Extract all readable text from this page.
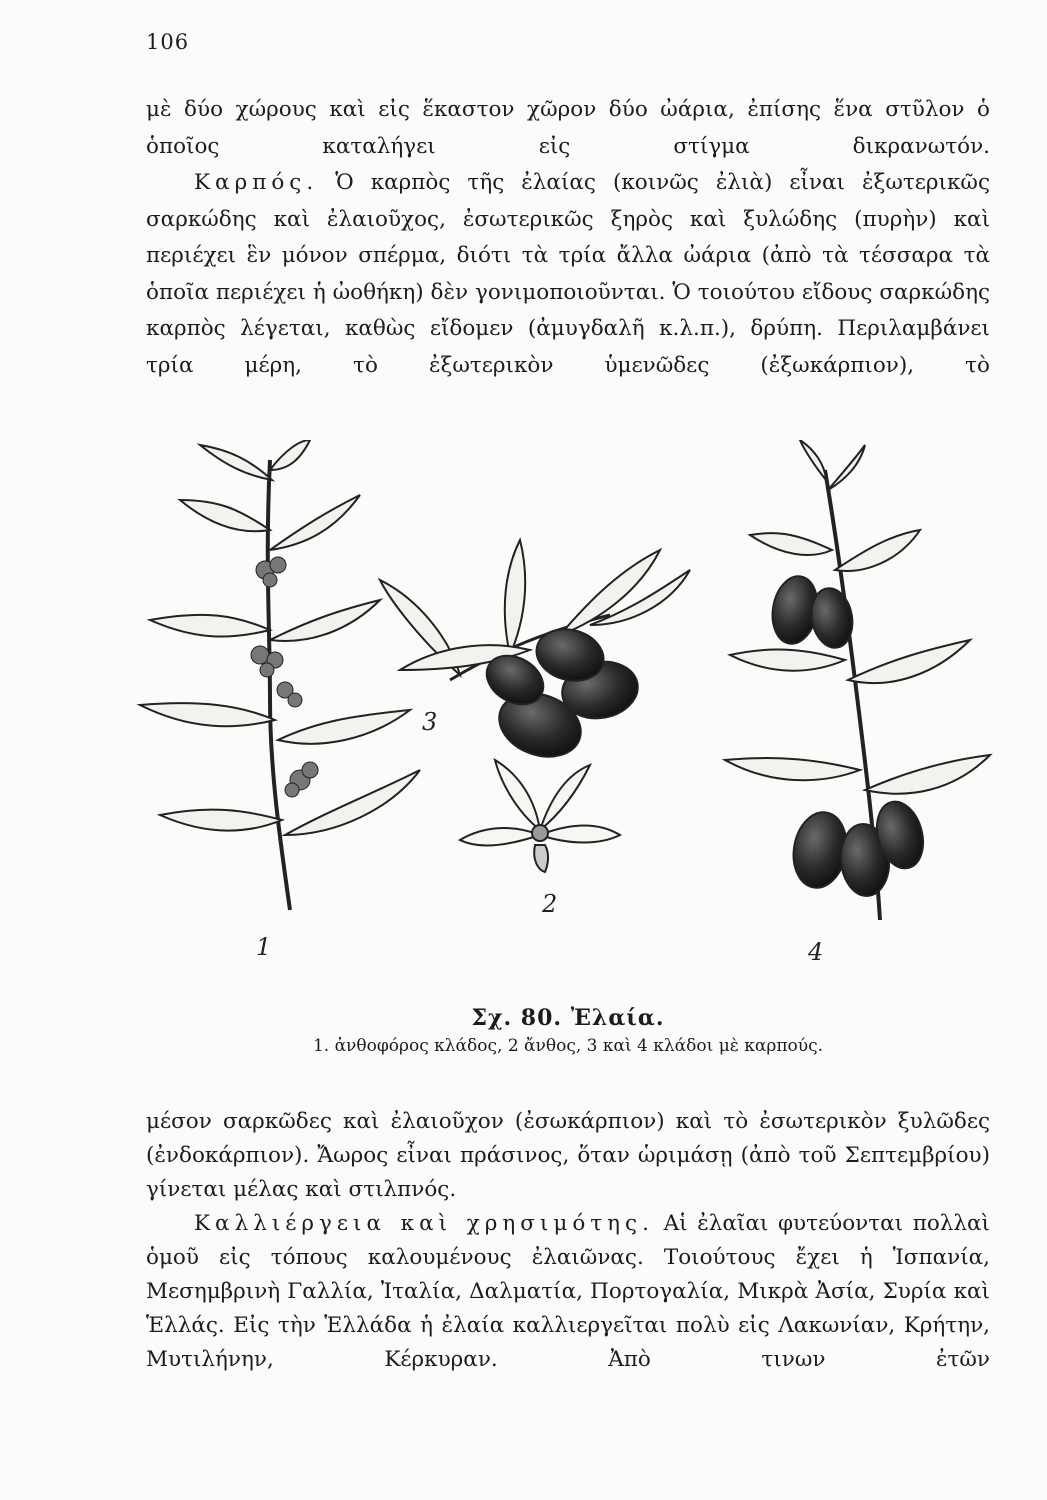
106

μὲ δύο χώρους καὶ εἰς ἕκαστον χῶρον δύο ὠάρια, ἐπίσης ἕνα στῦλον ὁ ὁποῖος καταλήγει εἰς στίγμα δικρανωτόν.

Καρπός. Ὁ καρπὸς τῆς ἐλαίας (κοινῶς ἐλιὰ) εἶναι ἐξωτερικῶς σαρκώδης καὶ ἐλαιοῦχος, ἐσωτερικῶς ξηρὸς καὶ ξυλώδης (πυρὴν) καὶ περιέχει ἓν μόνον σπέρμα, διότι τὰ τρία ἄλλα ὠάρια (ἀπὸ τὰ τέσσαρα τὰ ὁποῖα περιέχει ἡ ὠοθήκη) δὲν γονιμοποιοῦνται. Ὁ τοιούτου εἴδους σαρκώδης καρπὸς λέγεται, καθὼς εἴδομεν (ἀμυγδαλῆ κ.λ.π.), δρύπη. Περιλαμβάνει τρία μέρη, τὸ ἐξωτερικὸν ὑμενῶδες (ἐξωκάρπιον), τὸ

1
2
3
4
Σχ. 80. Ἐλαία.
1. ἀνθοφόρος κλάδος, 2 ἄνθος, 3 καὶ 4 κλάδοι μὲ καρπούς.

μέσον σαρκῶδες καὶ ἐλαιοῦχον (ἐσωκάρπιον) καὶ τὸ ἐσωτερικὸν ξυλῶδες (ἐνδοκάρπιον). Ἄωρος εἶναι πράσινος, ὅταν ὡριμάσῃ (ἀπὸ τοῦ Σεπτεμβρίου) γίνεται μέλας καὶ στιλπνός.

Καλλιέργεια καὶ χρησιμότης. Αἱ ἐλαῖαι φυτεύονται πολλαὶ ὁμοῦ εἰς τόπους καλουμένους ἐλαιῶνας. Τοιούτους ἔχει ἡ Ἱσπανία, Μεσημβρινὴ Γαλλία, Ἰταλία, Δαλματία, Πορτογαλία, Μικρὰ Ἀσία, Συρία καὶ Ἑλλάς. Εἰς τὴν Ἑλλάδα ἡ ἐλαία καλλιεργεῖται πολὺ εἰς Λακωνίαν, Κρήτην, Μυτιλήνην, Κέρκυραν. Ἀπὸ τινων ἐτῶν
